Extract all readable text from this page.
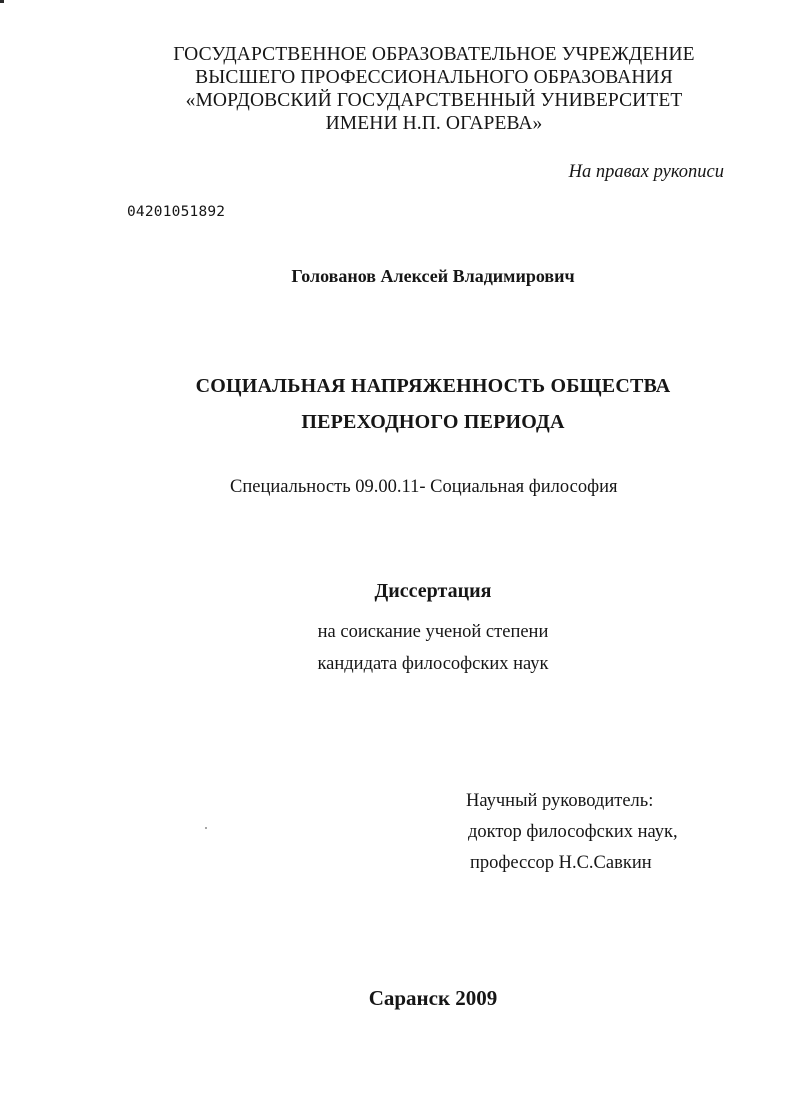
ГОСУДАРСТВЕННОЕ ОБРАЗОВАТЕЛЬНОЕ УЧРЕЖДЕНИЕ
ВЫСШЕГО ПРОФЕССИОНАЛЬНОГО ОБРАЗОВАНИЯ
«МОРДОВСКИЙ ГОСУДАРСТВЕННЫЙ УНИВЕРСИТЕТ
ИМЕНИ Н.П. ОГАРЕВА»
На правах рукописи
04201051892
Голованов Алексей Владимирович
СОЦИАЛЬНАЯ НАПРЯЖЕННОСТЬ ОБЩЕСТВА
ПЕРЕХОДНОГО ПЕРИОДА
Специальность 09.00.11- Социальная философия
Диссертация
на соискание ученой степени
кандидата философских наук
Научный руководитель:
доктор философских наук,
профессор Н.С.Савкин
Саранск 2009
